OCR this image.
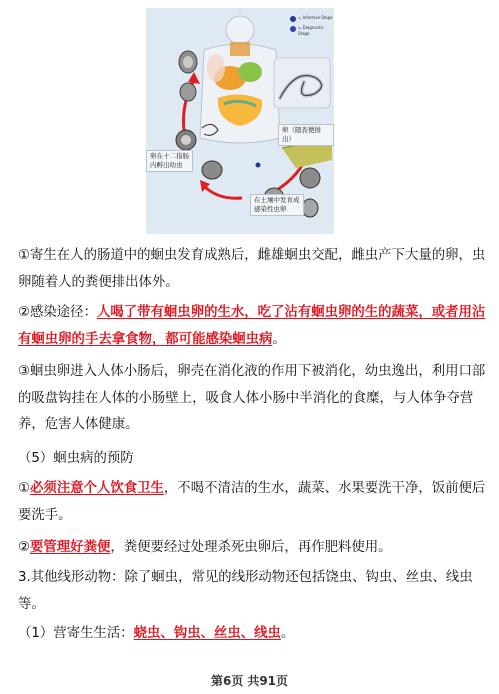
= Infective Stage
= Diagnostic Stage
卵（随粪便排出）
卵在十二指肠
内孵出幼虫
在土壤中发育成
感染性虫卵
①寄生在人的肠道中的蛔虫发育成熟后，雌雄蛔虫交配，雌虫产下大量的卵，虫卵随着人的粪便排出体外。
②感染途径：人喝了带有蛔虫卵的生水，吃了沾有蛔虫卵的生的蔬菜，或者用沾有蛔虫卵的手去拿食物，都可能感染蛔虫病。
③蛔虫卵进入人体小肠后，卵壳在消化液的作用下被消化，幼虫逸出，利用口部的吸盘钩挂在人体的小肠壁上，吸食人体小肠中半消化的食糜，与人体争夺营养，危害人体健康。
（5）蛔虫病的预防
①必须注意个人饮食卫生，不喝不清洁的生水，蔬菜、水果要洗干净，饭前便后要洗手。
②要管理好粪便，粪便要经过处理杀死虫卵后，再作肥料使用。
3.其他线形动物：除了蛔虫，常见的线形动物还包括饶虫、钩虫、丝虫、线虫等。
（1）营寄生生活：蛲虫、钩虫、丝虫、线虫。
第6页 共91页
